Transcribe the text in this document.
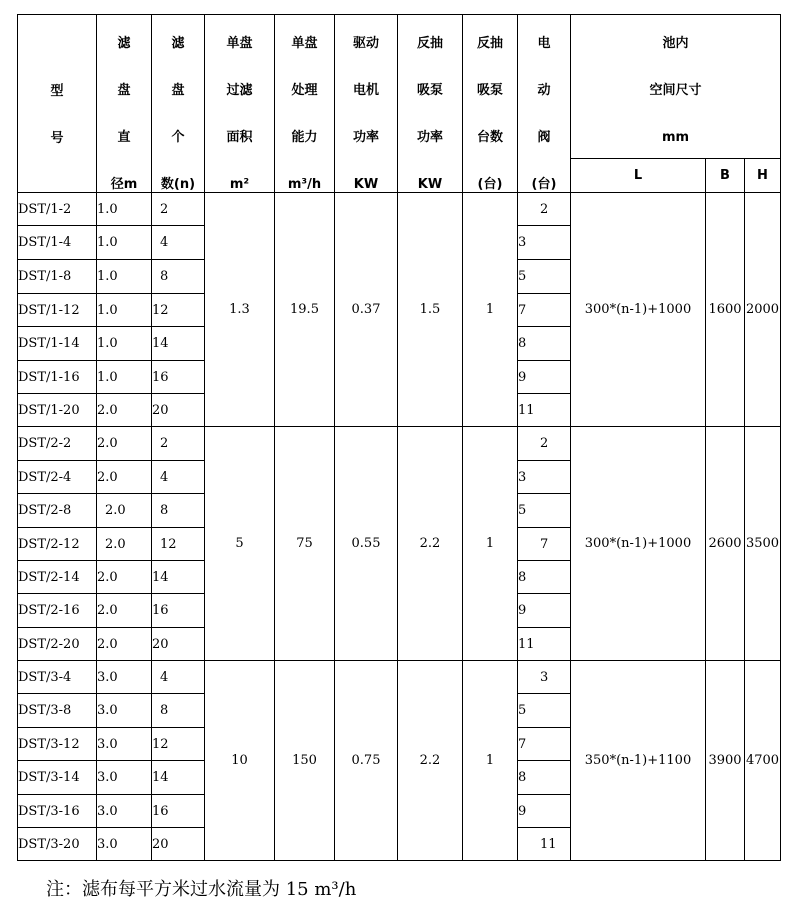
型
号	滤
盘
直
径m	滤
盘
个
数(n)	单盘
过滤
面积
m²	单盘
处理
能力
m³/h	驱动
电机
功率
KW	反抽
吸泵
功率
KW	反抽
吸泵
台数
(台)	电
动
阀
(台)	池内
空间尺寸
mm		

									L	B	H
DST/1-2	1.0	2	1.3	19.5	0.37	1.5	1	2	300*(n-1)+1000	1600	2000
DST/1-4	1.0	4						3			
DST/1-8	1.0	8						5			
DST/1-12	1.0	12						7			
DST/1-14	1.0	14						8			
DST/1-16	1.0	16						9			
DST/1-20	2.0	20						11			
DST/2-2	2.0	2	5	75	0.55	2.2	1	2	300*(n-1)+1000	2600	3500
DST/2-4	2.0	4						3			
DST/2-8	2.0	8						5			
DST/2-12	2.0	12						7			
DST/2-14	2.0	14						8			
DST/2-16	2.0	16						9			
DST/2-20	2.0	20						11			
DST/3-4	3.0	4	10	150	0.75	2.2	1	3	350*(n-1)+1100	3900	4700
DST/3-8	3.0	8						5			
DST/3-12	3.0	12						7			
DST/3-14	3.0	14						8			
DST/3-16	3.0	16						9			
DST/3-20	3.0	20						11			
注：滤布每平方米过水流量为 15 m³/h
